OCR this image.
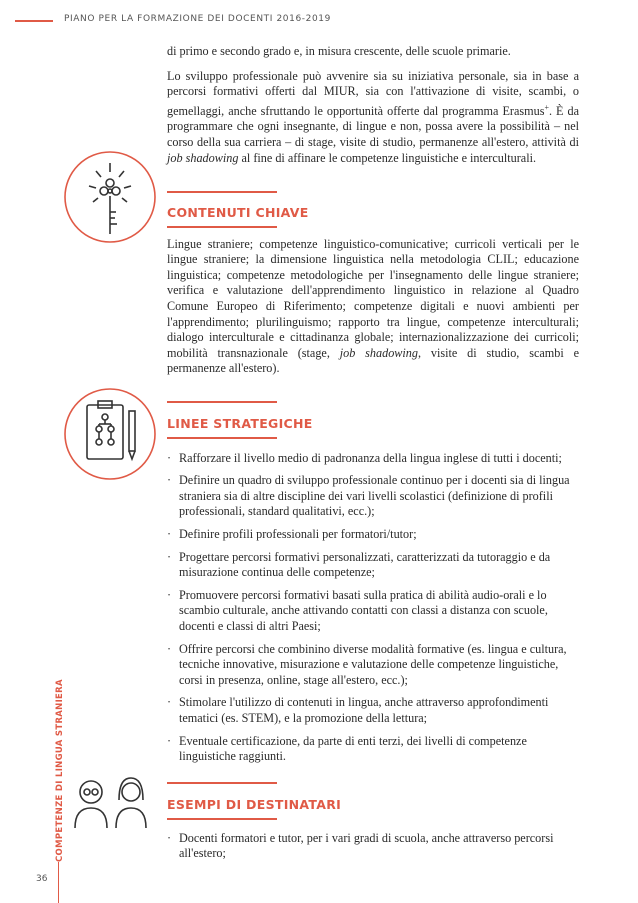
PIANO PER LA FORMAZIONE DEI DOCENTI 2016-2019
COMPETENZE DI LINGUA STRANIERA
36

di primo e secondo grado e, in misura crescente, delle scuole primarie.

Lo sviluppo professionale può avvenire sia su iniziativa personale, sia in base a percorsi formativi offerti dal MIUR, sia con l'attivazione di visite, scambi, o gemellaggi, anche sfruttando le opportunità offerte dal programma Erasmus+. È da programmare che ogni insegnante, di lingue e non, possa avere la possibilità – nel corso della sua carriera – di stage, visite di studio, permanenze all'estero, attività di job shadowing al fine di affinare le competenze linguistiche e interculturali.

CONTENUTI CHIAVE

Lingue straniere; competenze linguistico-comunicative; curricoli verticali per le lingue straniere; la dimensione linguistica nella metodologia CLIL; educazione linguistica; competenze metodologiche per l'insegnamento delle lingue straniere; verifica e valutazione dell'apprendimento linguistico in relazione al Quadro Comune Europeo di Riferimento; competenze digitali e nuovi ambienti per l'apprendimento; plurilinguismo; rapporto tra lingue, competenze interculturali; dialogo interculturale e cittadinanza globale; internazionalizzazione dei curricoli; mobilità transnazionale (stage, job shadowing, visite di studio, scambi e permanenze all'estero).

LINEE STRATEGICHE
· Rafforzare il livello medio di padronanza della lingua inglese di tutti i docenti;
· Definire un quadro di sviluppo professionale continuo per i docenti sia di lingua straniera sia di altre discipline dei vari livelli scolastici (definizione di profili professionali, standard qualitativi, ecc.);
· Definire profili professionali per formatori/tutor;
· Progettare percorsi formativi personalizzati, caratterizzati da tutoraggio e da misurazione continua delle competenze;
· Promuovere percorsi formativi basati sulla pratica di abilità audio-orali e lo scambio culturale, anche attivando contatti con classi a distanza con scuole, docenti e classi di altri Paesi;
· Offrire percorsi che combinino diverse modalità formative (es. lingua e cultura, tecniche innovative, misurazione e valutazione delle competenze linguistiche, corsi in presenza, online, stage all'estero, ecc.);
· Stimolare l'utilizzo di contenuti in lingua, anche attraverso approfondimenti tematici (es. STEM), e la promozione della lettura;
· Eventuale certificazione, da parte di enti terzi, dei livelli di competenze linguistiche raggiunti.
ESEMPI DI DESTINATARI
· Docenti formatori e tutor, per i vari gradi di scuola, anche attraverso percorsi all'estero;
